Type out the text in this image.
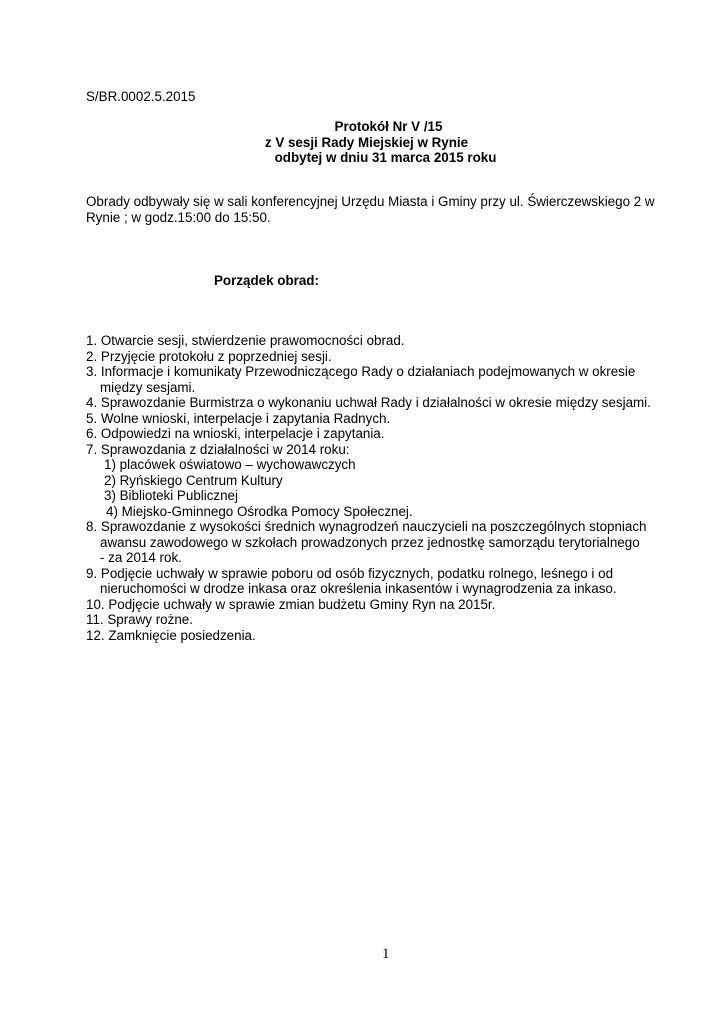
S/BR.0002.5.2015
Protokół Nr V /15
z V sesji Rady Miejskiej w Rynie
odbytej w dniu 31 marca 2015 roku
Obrady odbywały się w sali konferencyjnej Urzędu Miasta i Gminy przy ul. Świerczewskiego 2 w
Rynie ; w godz.15:00 do 15:50.
Porządek obrad:
1. Otwarcie sesji, stwierdzenie prawomocności obrad.
2. Przyjęcie protokołu z poprzedniej sesji.
3. Informacje i komunikaty Przewodniczącego Rady o działaniach podejmowanych w okresie
między sesjami.
4. Sprawozdanie Burmistrza o wykonaniu uchwał Rady i działalności w okresie między sesjami.
5. Wolne wnioski, interpelacje i zapytania Radnych.
6. Odpowiedzi na wnioski, interpelacje i zapytania.
7. Sprawozdania z działalności w 2014 roku:
1) placówek oświatowo – wychowawczych
2) Ryńskiego Centrum Kultury
3) Biblioteki Publicznej
4) Miejsko-Gminnego Ośrodka Pomocy Społecznej.
8. Sprawozdanie z wysokości średnich wynagrodzeń nauczycieli na poszczególnych stopniach
awansu zawodowego w szkołach prowadzonych przez jednostkę samorządu terytorialnego
- za 2014 rok.
9. Podjęcie uchwały w sprawie poboru od osób fizycznych, podatku rolnego, leśnego i od
nieruchomości w drodze inkasa oraz określenia inkasentów i wynagrodzenia za inkaso.
10. Podjęcie uchwały w sprawie zmian budżetu Gminy Ryn na 2015r.
11. Sprawy rożne.
12. Zamknięcie posiedzenia.
1
